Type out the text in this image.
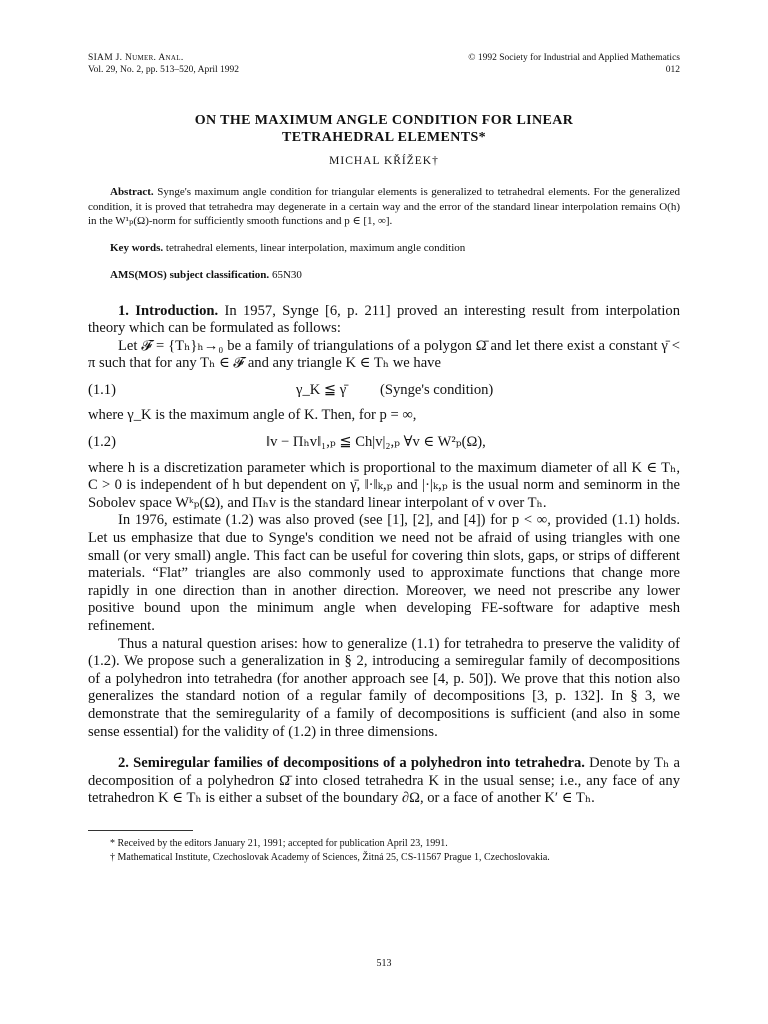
SIAM J. Numer. Anal.
Vol. 29, No. 2, pp. 513–520, April 1992
© 1992 Society for Industrial and Applied Mathematics
012
ON THE MAXIMUM ANGLE CONDITION FOR LINEAR
TETRAHEDRAL ELEMENTS*
MICHAL KŘÍŽEK†
Abstract. Synge's maximum angle condition for triangular elements is generalized to tetrahedral elements. For the generalized condition, it is proved that tetrahedra may degenerate in a certain way and the error of the standard linear interpolation remains O(h) in the W¹ₚ(Ω)-norm for sufficiently smooth functions and p ∈ [1, ∞].
Key words. tetrahedral elements, linear interpolation, maximum angle condition
AMS(MOS) subject classification. 65N30

1. Introduction. In 1957, Synge [6, p. 211] proved an interesting result from interpolation theory which can be formulated as follows:

Let 𝓕 = {Tₕ}ₕ→₀ be a family of triangulations of a polygon Ω̄ and let there exist a constant γ̄ < π such that for any Tₕ ∈ 𝓕 and any triangle K ∈ Tₕ we have

(1.1)	γ_K ≦ γ̄ (Synge's condition)

where γ_K is the maximum angle of K. Then, for p = ∞,

(1.2)	‖v − Πₕv‖₁,ₚ ≦ Ch|v|₂,ₚ ∀v ∈ W²ₚ(Ω),

where h is a discretization parameter which is proportional to the maximum diameter of all K ∈ Tₕ, C > 0 is independent of h but dependent on γ̄, ‖·‖ₖ,ₚ and |·|ₖ,ₚ is the usual norm and seminorm in the Sobolev space Wᵏₚ(Ω), and Πₕv is the standard linear interpolant of v over Tₕ.

In 1976, estimate (1.2) was also proved (see [1], [2], and [4]) for p < ∞, provided (1.1) holds. Let us emphasize that due to Synge's condition we need not be afraid of using triangles with one small (or very small) angle. This fact can be useful for covering thin slots, gaps, or strips of different materials. “Flat” triangles are also commonly used to approximate functions that change more rapidly in one direction than in another direction. Moreover, we need not prescribe any lower positive bound upon the minimum angle when developing FE-software for adaptive mesh refinement.

Thus a natural question arises: how to generalize (1.1) for tetrahedra to preserve the validity of (1.2). We propose such a generalization in § 2, introducing a semiregular family of decompositions of a polyhedron into tetrahedra (for another approach see [4, p. 50]). We prove that this notion also generalizes the standard notion of a regular family of decompositions [3, p. 132]. In § 3, we demonstrate that the semiregularity of a family of decompositions is sufficient (and also in some sense essential) for the validity of (1.2) in three dimensions.

2. Semiregular families of decompositions of a polyhedron into tetrahedra. Denote by Tₕ a decomposition of a polyhedron Ω̄ into closed tetrahedra K in the usual sense; i.e., any face of any tetrahedron K ∈ Tₕ is either a subset of the boundary ∂Ω, or a face of another K′ ∈ Tₕ.

* Received by the editors January 21, 1991; accepted for publication April 23, 1991.
† Mathematical Institute, Czechoslovak Academy of Sciences, Žitná 25, CS-11567 Prague 1, Czechoslovakia.
513
